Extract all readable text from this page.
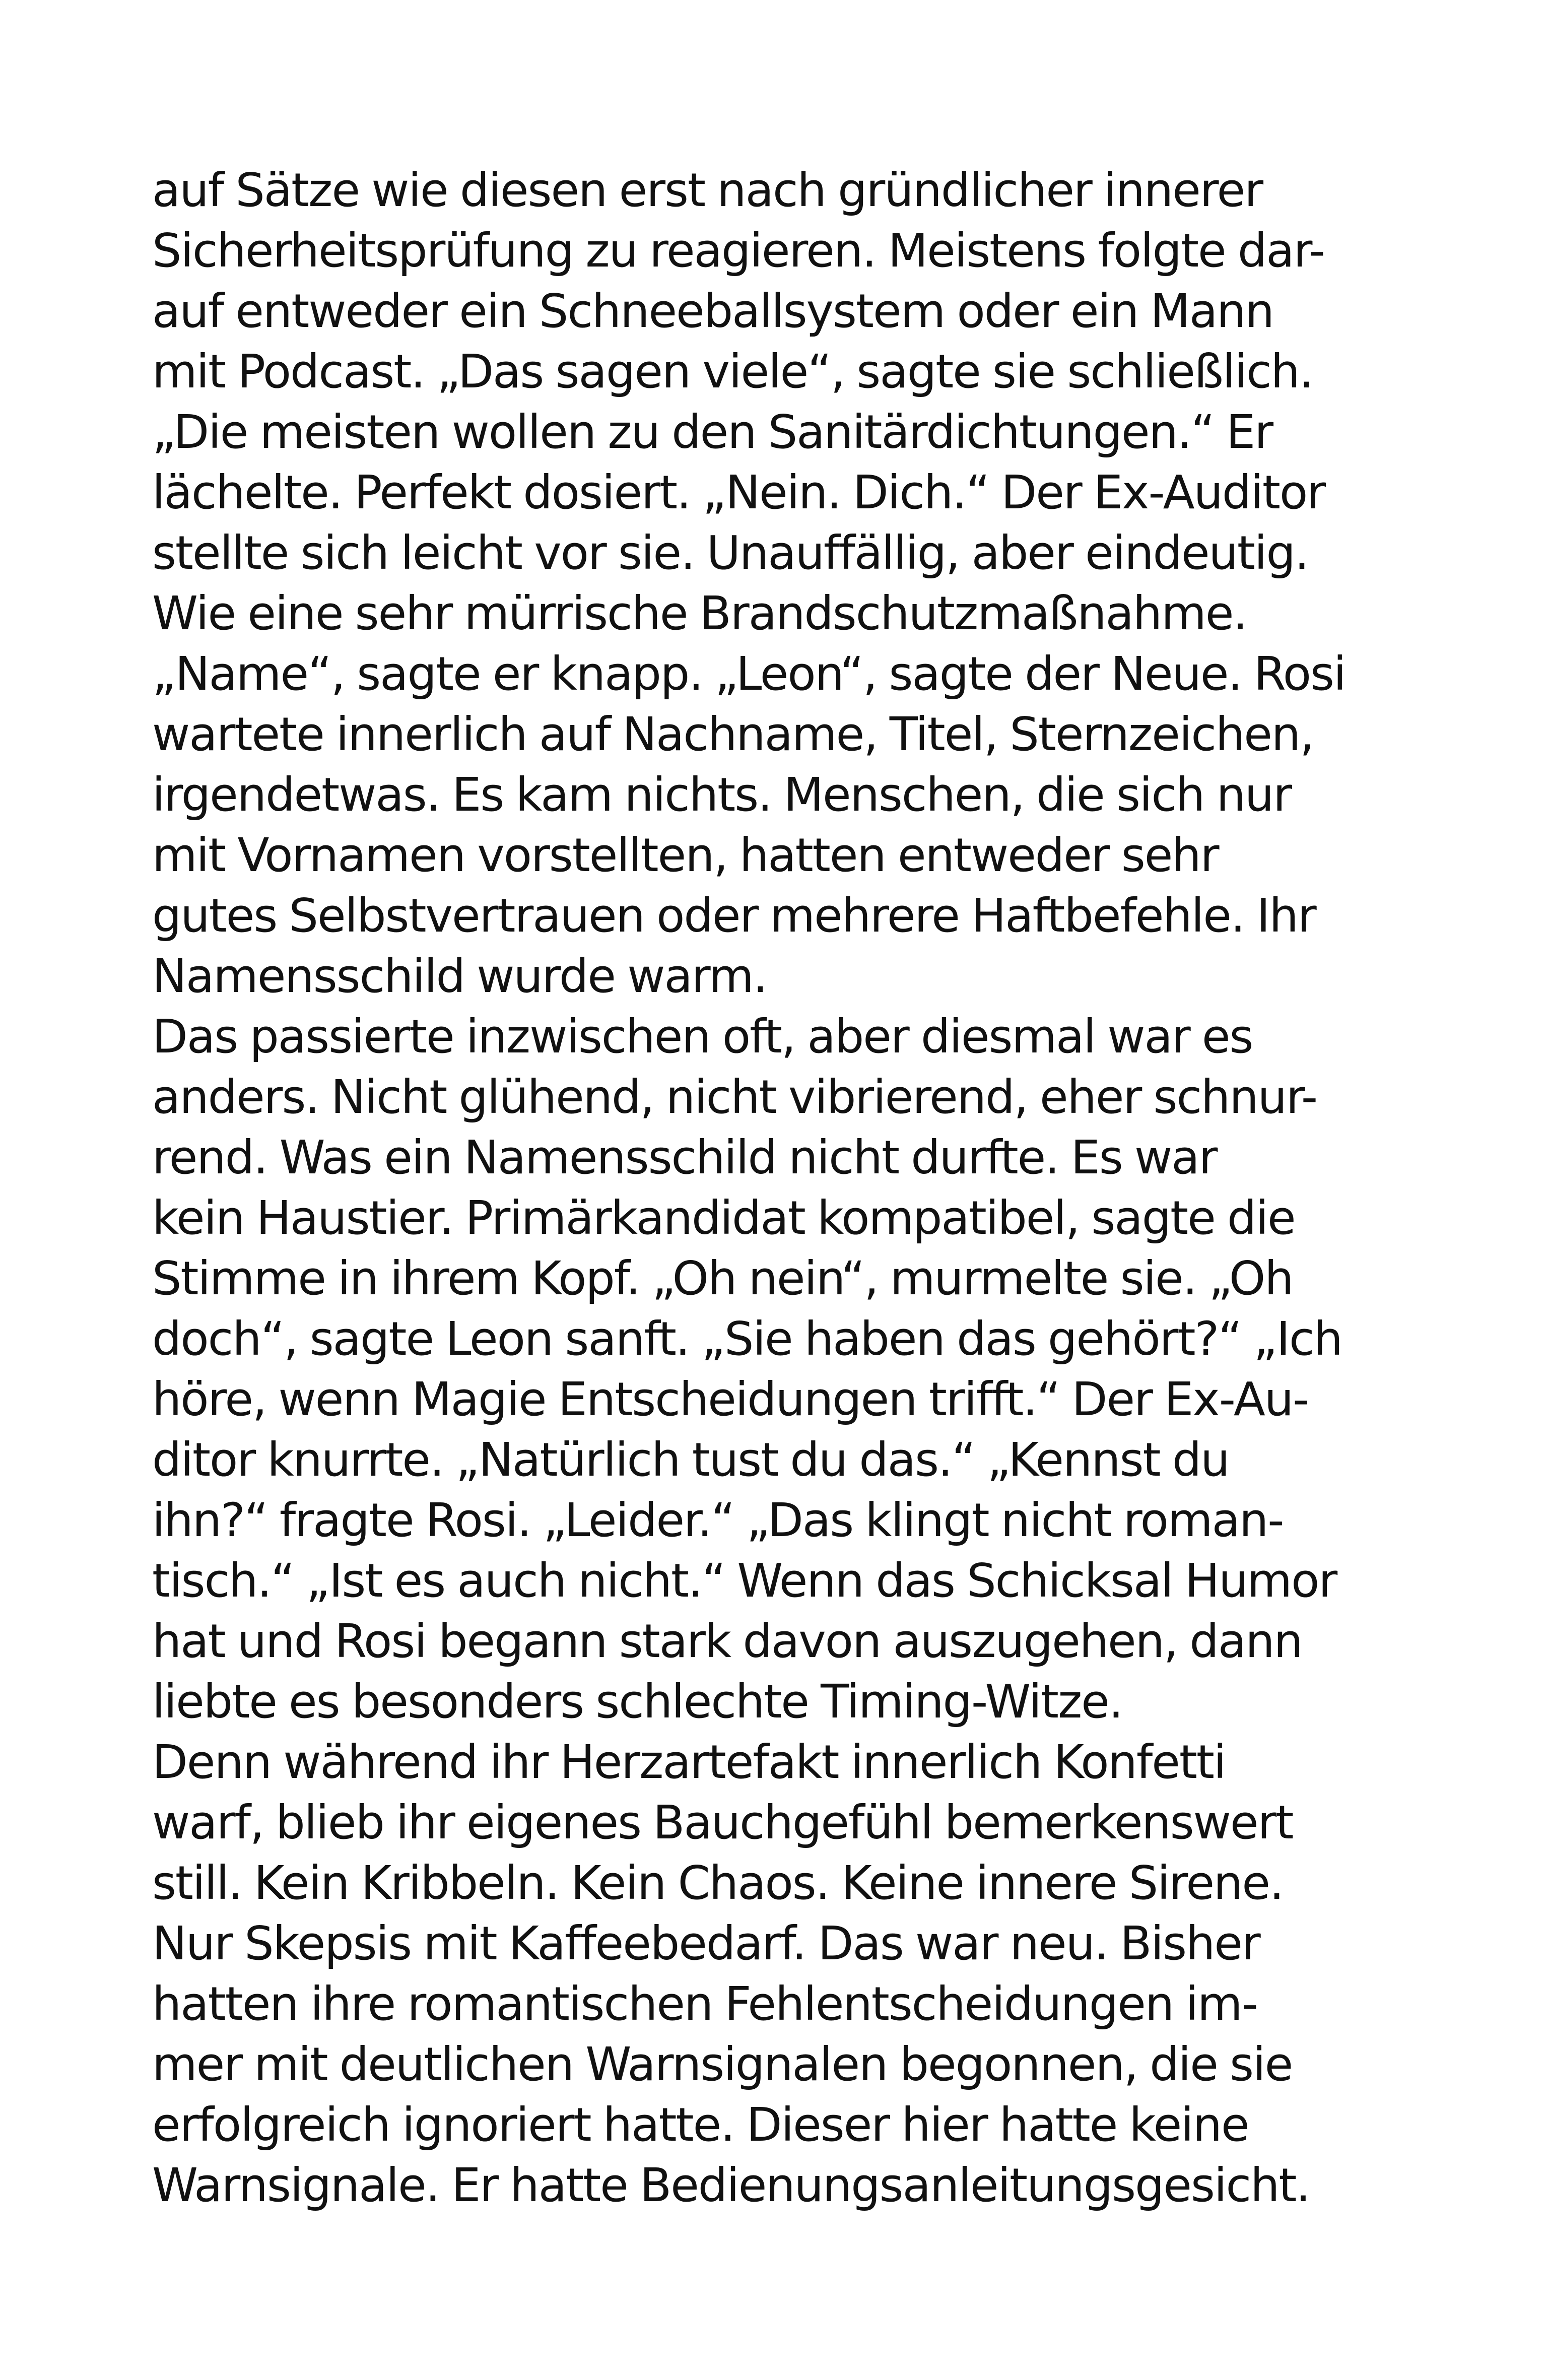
auf Sätze wie diesen erst nach gründlicher innerer
Sicherheitsprüfung zu reagieren. Meistens folgte dar-
auf entweder ein Schneeballsystem oder ein Mann
mit Podcast. „Das sagen viele“, sagte sie schließlich.
„Die meisten wollen zu den Sanitärdichtungen.“ Er
lächelte. Perfekt dosiert. „Nein. Dich.“ Der Ex-Auditor
stellte sich leicht vor sie. Unauffällig, aber eindeutig.
Wie eine sehr mürrische Brandschutzmaßnahme.
„Name“, sagte er knapp. „Leon“, sagte der Neue. Rosi
wartete innerlich auf Nachname, Titel, Sternzeichen,
irgendetwas. Es kam nichts. Menschen, die sich nur
mit Vornamen vorstellten, hatten entweder sehr
gutes Selbstvertrauen oder mehrere Haftbefehle. Ihr
Namensschild wurde warm.
Das passierte inzwischen oft, aber diesmal war es
anders. Nicht glühend, nicht vibrierend, eher schnur-
rend. Was ein Namensschild nicht durfte. Es war
kein Haustier. Primärkandidat kompatibel, sagte die
Stimme in ihrem Kopf. „Oh nein“, murmelte sie. „Oh
doch“, sagte Leon sanft. „Sie haben das gehört?“ „Ich
höre, wenn Magie Entscheidungen trifft.“ Der Ex-Au-
ditor knurrte. „Natürlich tust du das.“ „Kennst du
ihn?“ fragte Rosi. „Leider.“ „Das klingt nicht roman-
tisch.“ „Ist es auch nicht.“ Wenn das Schicksal Humor
hat und Rosi begann stark davon auszugehen, dann
liebte es besonders schlechte Timing-Witze.
Denn während ihr Herzartefakt innerlich Konfetti
warf, blieb ihr eigenes Bauchgefühl bemerkenswert
still. Kein Kribbeln. Kein Chaos. Keine innere Sirene.
Nur Skepsis mit Kaffeebedarf. Das war neu. Bisher
hatten ihre romantischen Fehlentscheidungen im-
mer mit deutlichen Warnsignalen begonnen, die sie
erfolgreich ignoriert hatte. Dieser hier hatte keine
Warnsignale. Er hatte Bedienungsanleitungsgesicht.
